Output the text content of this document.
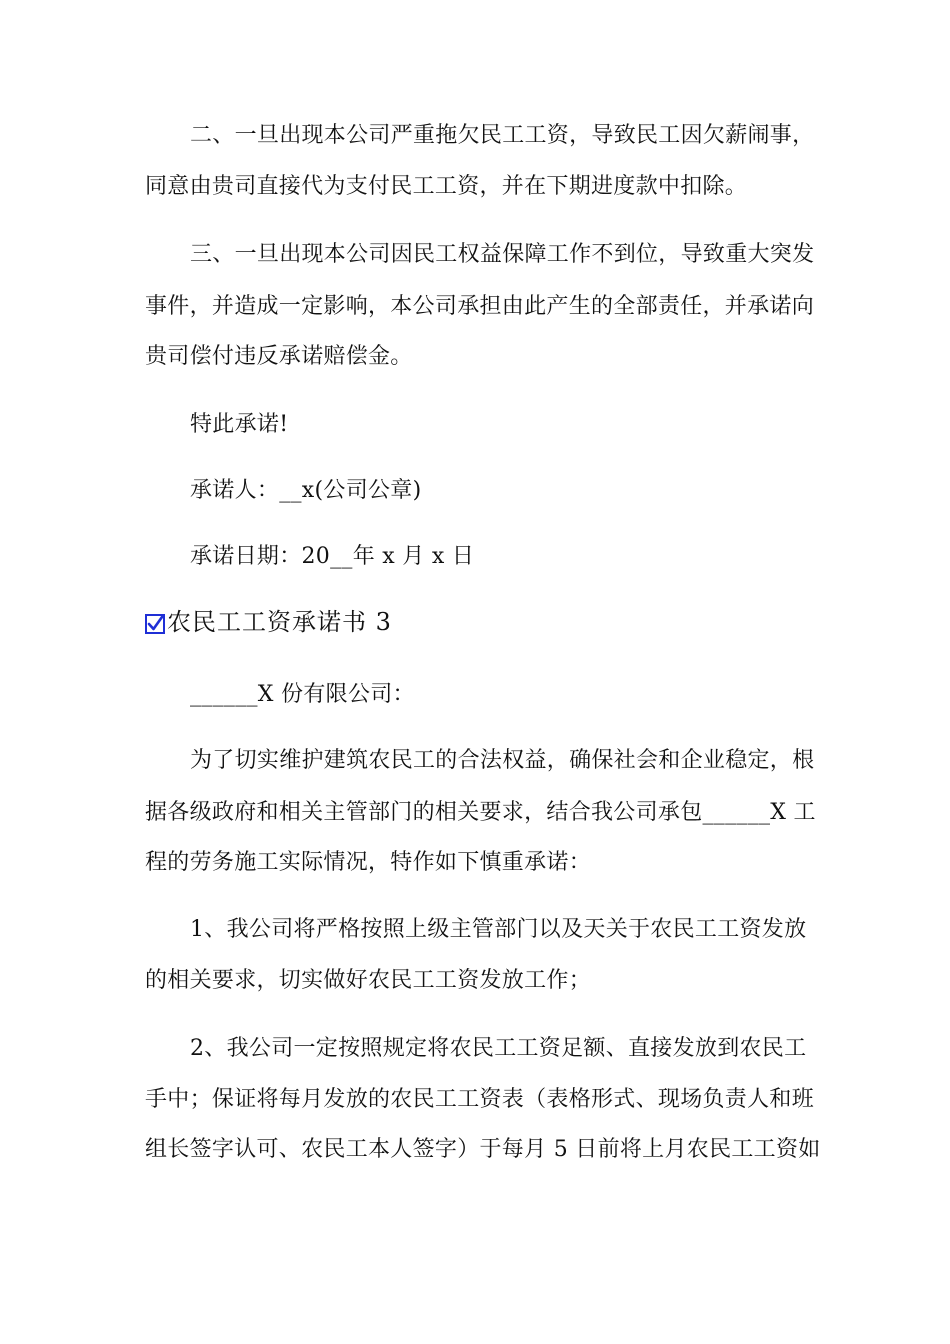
二、一旦出现本公司严重拖欠民工工资，导致民工因欠薪闹事，
同意由贵司直接代为支付民工工资，并在下期进度款中扣除。
三、一旦出现本公司因民工权益保障工作不到位，导致重大突发
事件，并造成一定影响，本公司承担由此产生的全部责任，并承诺向
贵司偿付违反承诺赔偿金。
特此承诺!
承诺人：__x(公司公章)
承诺日期：20__年 x 月 x 日
农民工工资承诺书 3
______X 份有限公司：
为了切实维护建筑农民工的合法权益，确保社会和企业稳定，根
据各级政府和相关主管部门的相关要求，结合我公司承包______X 工
程的劳务施工实际情况，特作如下慎重承诺：
1、我公司将严格按照上级主管部门以及天关于农民工工资发放
的相关要求，切实做好农民工工资发放工作；
2、我公司一定按照规定将农民工工资足额、直接发放到农民工
手中；保证将每月发放的农民工工资表（表格形式、现场负责人和班
组长签字认可、农民工本人签字）于每月 5 日前将上月农民工工资如
